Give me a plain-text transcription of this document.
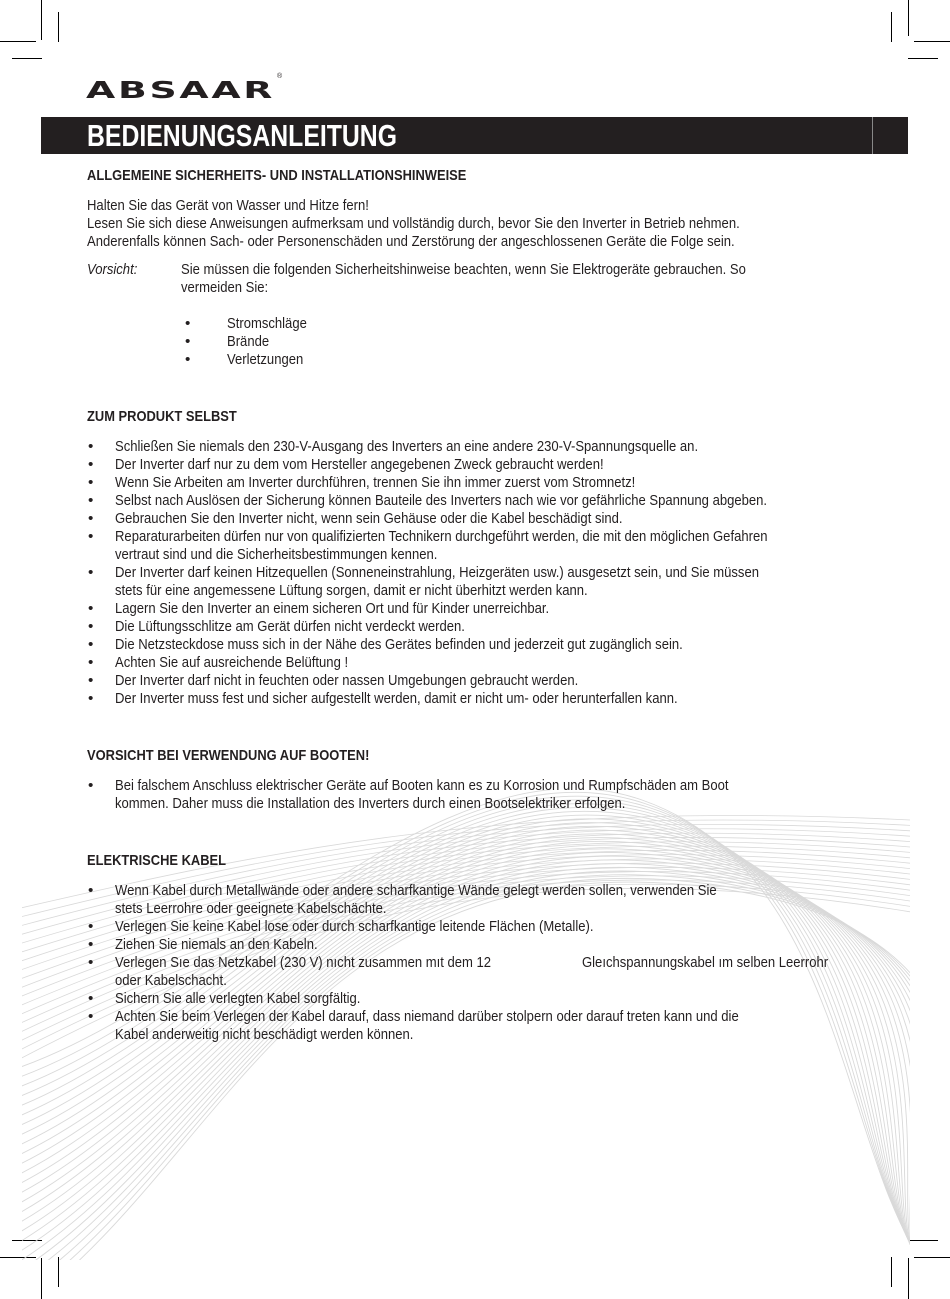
ABSAAR
®
BEDIENUNGSANLEITUNG
ALLGEMEINE SICHERHEITS- UND INSTALLATIONSHINWEISE

Halten Sie das Gerät von Wasser und Hitze fern!

Lesen Sie sich diese Anweisungen aufmerksam und vollständig durch, bevor Sie den Inverter in Betrieb nehmen.

Anderenfalls können Sach- oder Personenschäden und Zerstörung der angeschlossenen Geräte die Folge sein.

Vorsicht:	Sie müssen die folgenden Sicherheitshinweise beachten, wenn Sie Elektrogeräte gebrauchen. So
vermeiden Sie:
• Stromschläge
• Brände
• Verletzungen
ZUM PRODUKT SELBST
• Schließen Sie niemals den 230-V-Ausgang des Inverters an eine andere 230-V-Spannungsquelle an.
• Der Inverter darf nur zu dem vom Hersteller angegebenen Zweck gebraucht werden!
• Wenn Sie Arbeiten am Inverter durchführen, trennen Sie ihn immer zuerst vom Stromnetz!
• Selbst nach Auslösen der Sicherung können Bauteile des Inverters nach wie vor gefährliche Spannung abgeben.
• Gebrauchen Sie den Inverter nicht, wenn sein Gehäuse oder die Kabel beschädigt sind.
• Reparaturarbeiten dürfen nur von qualifizierten Technikern durchgeführt werden, die mit den möglichen Gefahren
vertraut sind und die Sicherheitsbestimmungen kennen.
• Der Inverter darf keinen Hitzequellen (Sonneneinstrahlung, Heizgeräten usw.) ausgesetzt sein, und Sie müssen
stets für eine angemessene Lüftung sorgen, damit er nicht überhitzt werden kann.
• Lagern Sie den Inverter an einem sicheren Ort und für Kinder unerreichbar.
• Die Lüftungsschlitze am Gerät dürfen nicht verdeckt werden.
• Die Netzsteckdose muss sich in der Nähe des Gerätes befinden und jederzeit gut zugänglich sein.
• Achten Sie auf ausreichende Belüftung !
• Der Inverter darf nicht in feuchten oder nassen Umgebungen gebraucht werden.
• Der Inverter muss fest und sicher aufgestellt werden, damit er nicht um- oder herunterfallen kann.
VORSICHT BEI VERWENDUNG AUF BOOTEN!
• Bei falschem Anschluss elektrischer Geräte auf Booten kann es zu Korrosion und Rumpfschäden am Boot
kommen. Daher muss die Installation des Inverters durch einen Bootselektriker erfolgen.
ELEKTRISCHE KABEL
• Wenn Kabel durch Metallwände oder andere scharfkantige Wände gelegt werden sollen, verwenden Sie
stets Leerrohre oder geeignete Kabelschächte.
• Verlegen Sie keine Kabel lose oder durch scharfkantige leitende Flächen (Metalle).
• Ziehen Sie niemals an den Kabeln.
• Verlegen Sıe das Netzkabel (230 V) nıcht zusammen mıt dem 12	Gleıchspannungskabel ım selben Leerrohr
oder Kabelschacht.
• Sichern Sie alle verlegten Kabel sorgfältig.
• Achten Sie beim Verlegen der Kabel darauf, dass niemand darüber stolpern oder darauf treten kann und die
Kabel anderweitig nicht beschädigt werden können.
